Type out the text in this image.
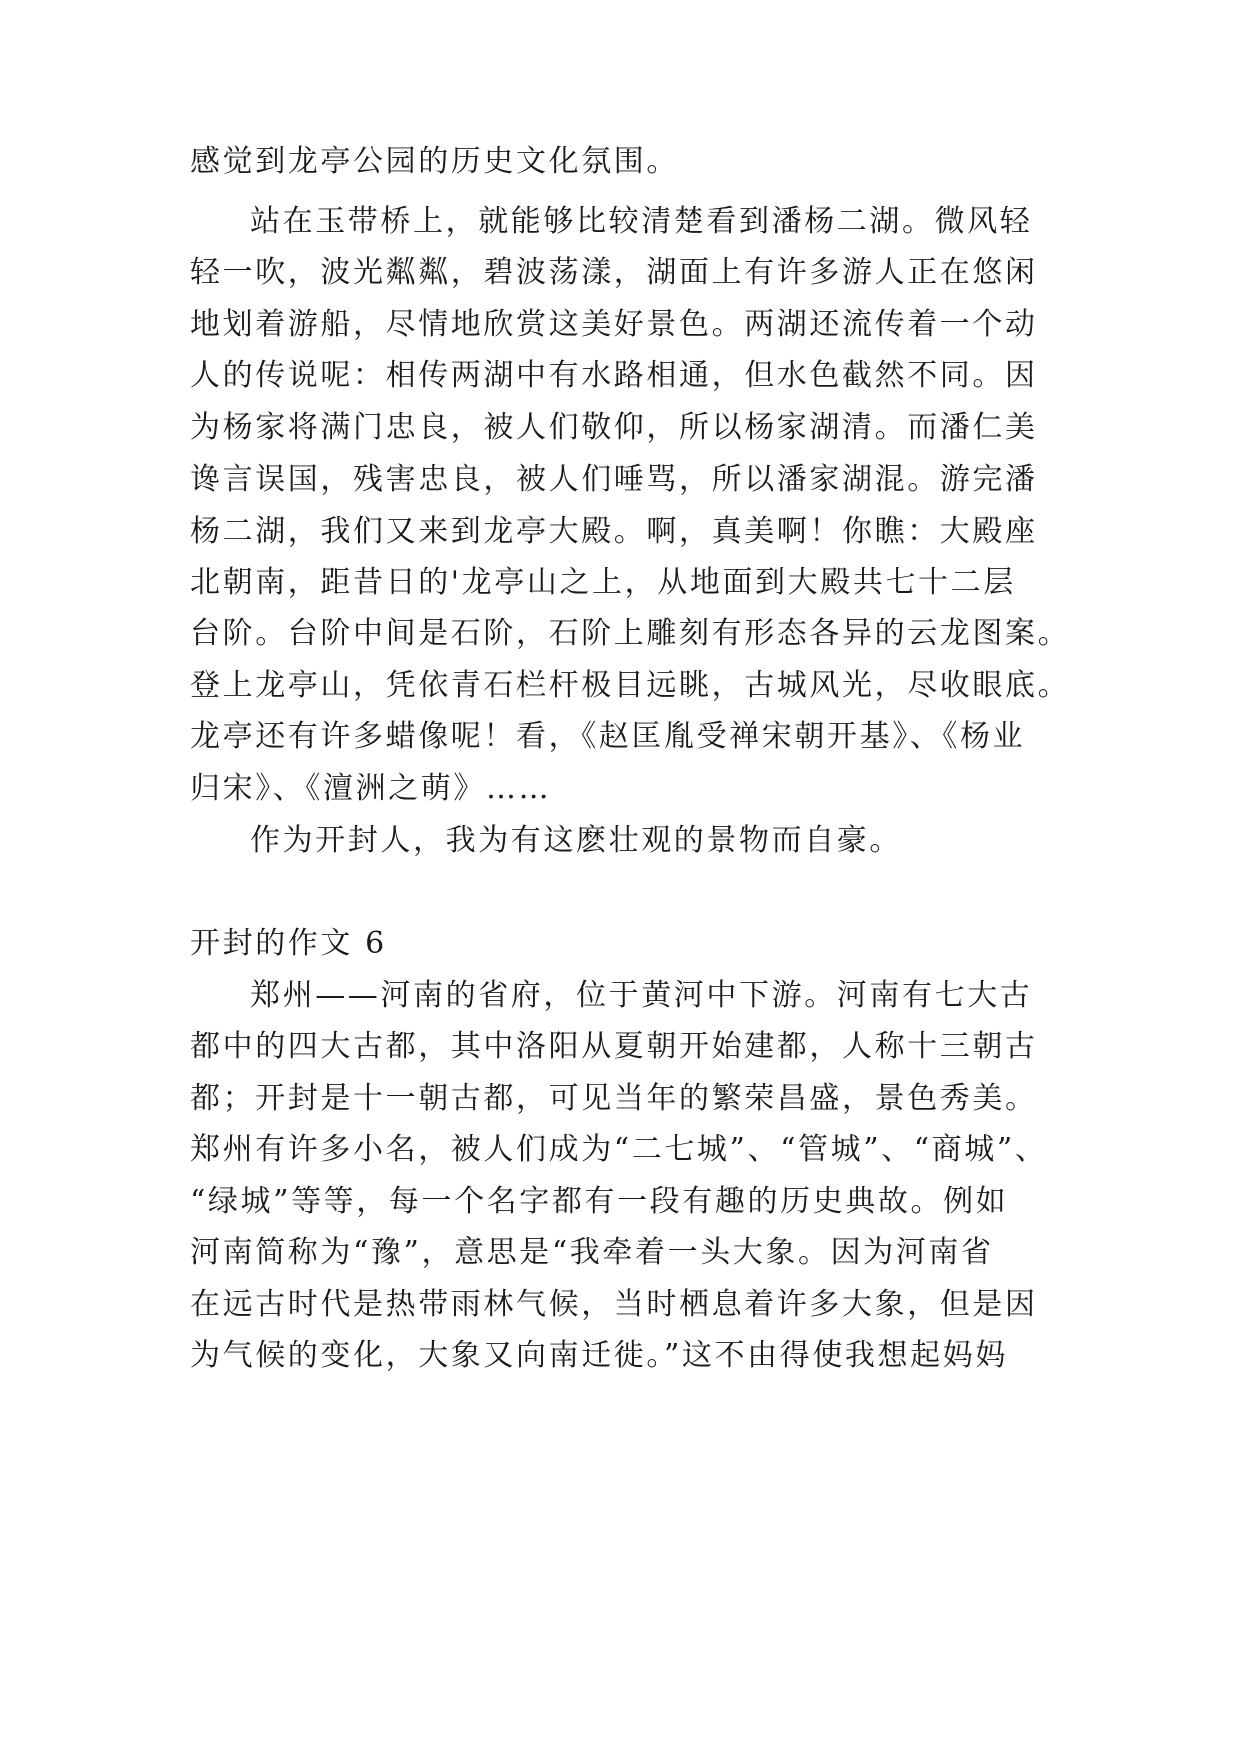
感觉到龙亭公园的历史文化氛围。
站在玉带桥上，就能够比较清楚看到潘杨二湖。微风轻
轻一吹，波光粼粼，碧波荡漾，湖面上有许多游人正在悠闲
地划着游船，尽情地欣赏这美好景色。两湖还流传着一个动
人的传说呢：相传两湖中有水路相通，但水色截然不同。因
为杨家将满门忠良，被人们敬仰，所以杨家湖清。而潘仁美
谗言误国，残害忠良，被人们唾骂，所以潘家湖混。游完潘
杨二湖，我们又来到龙亭大殿。啊，真美啊！你瞧：大殿座
北朝南，距昔日的'龙亭山之上，从地面到大殿共七十二层
台阶。台阶中间是石阶，石阶上雕刻有形态各异的云龙图案。
登上龙亭山，凭依青石栏杆极目远眺，古城风光，尽收眼底。
龙亭还有许多蜡像呢！看，《赵匡胤受禅宋朝开基》、《杨业
归宋》、《澶洲之萌》……
作为开封人，我为有这麽壮观的景物而自豪。
开封的作文 6
郑州——河南的省府，位于黄河中下游。河南有七大古
都中的四大古都，其中洛阳从夏朝开始建都，人称十三朝古
都；开封是十一朝古都，可见当年的繁荣昌盛，景色秀美。
郑州有许多小名，被人们成为“二七城”、“管城”、“商城”、
“绿城”等等，每一个名字都有一段有趣的历史典故。例如
河南简称为“豫”，意思是“我牵着一头大象。因为河南省
在远古时代是热带雨林气候，当时栖息着许多大象，但是因
为气候的变化，大象又向南迁徙。”这不由得使我想起妈妈
